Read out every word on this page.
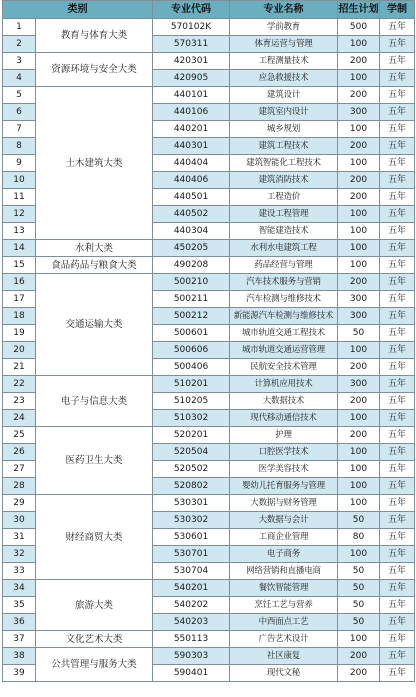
类别		专业代码	专业名称	招生计划	学制
1	教育与体育大类	570102K	学前教育	500	五年
2		570311	体育运营与管理	100	五年
3	资源环境与安全大类	420301	工程测量技术	200	五年
4		420905	应急救援技术	100	五年
5	土木建筑大类	440101	建筑设计	200	五年
6		440106	建筑室内设计	300	五年
7		440201	城乡规划	100	五年
8		440301	建筑工程技术	200	五年
9		440404	建筑智能化工程技术	100	五年
10		440406	建筑消防技术	200	五年
11		440501	工程造价	200	五年
12		440502	建设工程管理	100	五年
13		440304	智能建造技术	100	五年
14	水利大类	450205	水利水电建筑工程	100	五年
15	食品药品与粮食大类	490208	药品经营与管理	100	五年
16	交通运输大类	500210	汽车技术服务与营销	200	五年
17		500211	汽车检测与维修技术	300	五年
18		500212	新能源汽车检测与维修技术	300	五年
19		500601	城市轨道交通工程技术	50	五年
20		500606	城市轨道交通运营管理	100	五年
21		500406	民航安全技术管理	200	五年
22	电子与信息大类	510201	计算机应用技术	300	五年
23		510205	大数据技术	200	五年
24		510302	现代移动通信技术	100	五年
25	医药卫生大类	520201	护理	200	五年
26		520504	口腔医学技术	100	五年
27		520502	医学美容技术	100	五年
28		520802	婴幼儿托育服务与管理	100	五年
29	财经商贸大类	530301	大数据与财务管理	100	五年
30		530302	大数据与会计	50	五年
31		530601	工商企业管理	80	五年
32		530701	电子商务	100	五年
33		530704	网络营销和直播电商	50	五年
34	旅游大类	540201	餐饮智能管理	50	五年
35		540202	烹饪工艺与营养	50	五年
36		540203	中西面点工艺	50	五年
37	文化艺术大类	550113	广告艺术设计	100	五年
38	公共管理与服务大类	590303	社区康复	200	五年
39		590401	现代文秘	200	五年
